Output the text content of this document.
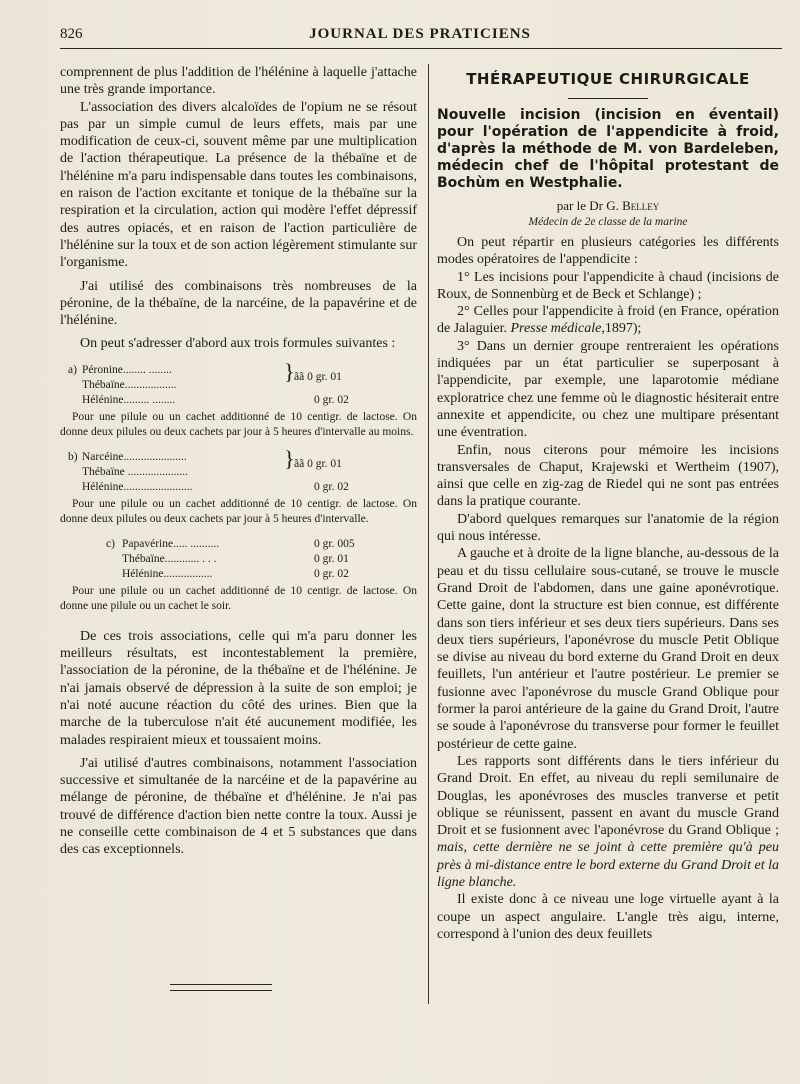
826	JOURNAL DES PRATICIENS

comprennent de plus l'addition de l'hélénine à laquelle j'attache une très grande importance.

L'association des divers alcaloïdes de l'opium ne se résout pas par un simple cumul de leurs effets, mais par une modification de ceux-ci, souvent même par une multiplication de l'action thérapeutique. La présence de la thébaïne et de l'hélénine m'a paru indispensable dans toutes les combinaisons, en raison de l'action excitante et tonique de la thébaïne sur la respiration et la circulation, action qui modère l'effet dépressif des autres opiacés, et en raison de l'action particulière de l'hélénine sur la toux et de son action légèrement stimulante sur l'organisme.

J'ai utilisé des combinaisons très nombreuses de la péronine, de la thébaïne, de la narcéine, de la papavérine et de l'hélénine.

On peut s'adresser d'abord aux trois formules suivantes :

a) Péronine........ ........	}
Thébaïne..................
ãã 0 gr. 01
Hélénine......... ........	0 gr. 02

Pour une pilule ou un cachet additionné de 10 centigr. de lactose. On donne deux pilules ou deux cachets par jour à 5 heures d'intervalle au moins.

b) Narcéine......................	}
Thébaïne .....................
ãã 0 gr. 01
Hélénine........................	0 gr. 02

Pour une pilule ou un cachet additionné de 10 centigr. de lactose. On donne deux pilules ou deux cachets par jour à 5 heures d'intervalle.

c) Papavérine..... ..........	0 gr. 005
Thébaïne............ . . .	0 gr. 01
Hélénine.................	0 gr. 02

Pour une pilule ou un cachet additionné de 10 centigr. de lactose. On donne une pilule ou un cachet le soir.

De ces trois associations, celle qui m'a paru donner les meilleurs résultats, est incontestablement la première, l'association de la péronine, de la thébaïne et de l'hélénine. Je n'ai jamais observé de dépression à la suite de son emploi; je n'ai noté aucune réaction du côté des urines. Bien que la marche de la tuberculose n'ait été aucunement modifiée, les malades respiraient mieux et toussaient moins.

J'ai utilisé d'autres combinaisons, notamment l'association successive et simultanée de la narcéine et de la papavérine au mélange de péronine, de thébaïne et d'hélénine. Je n'ai pas trouvé de différence d'action bien nette contre la toux. Aussi je ne conseille cette combinaison de 4 et 5 substances que dans des cas exceptionnels.

THÉRAPEUTIQUE CHIRURGICALE

Nouvelle incision (incision en éventail) pour l'opération de l'appendicite à froid, d'après la méthode de M. von Bardeleben, médecin chef de l'hôpital protestant de Bochùm en Westphalie.

par le Dr G. Belley
Médecin de 2e classe de la marine

On peut répartir en plusieurs catégories les différents modes opératoires de l'appendicite :

1° Les incisions pour l'appendicite à chaud (incisions de Roux, de Sonnenbùrg et de Beck et Schlange) ;

2° Celles pour l'appendicite à froid (en France, opération de Jalaguier. Presse médicale,1897);

3° Dans un dernier groupe rentreraient les opérations indiquées par un état particulier se superposant à l'appendicite, par exemple, une laparotomie médiane exploratrice chez une femme où le diagnostic hésiterait entre annexite et appendicite, ou chez une multipare présentant une éventration.

Enfin, nous citerons pour mémoire les incisions transversales de Chaput, Krajewski et Wertheim (1907), ainsi que celle en zig-zag de Riedel qui ne sont pas entrées dans la pratique courante.

D'abord quelques remarques sur l'anatomie de la région qui nous intéresse.

A gauche et à droite de la ligne blanche, au-dessous de la peau et du tissu cellulaire sous-cutané, se trouve le muscle Grand Droit de l'abdomen, dans une gaine aponévrotique. Cette gaine, dont la structure est bien connue, est différente dans son tiers inférieur et ses deux tiers supérieurs. Dans ses deux tiers supérieurs, l'aponévrose du muscle Petit Oblique se divise au niveau du bord externe du Grand Droit en deux feuillets, l'un antérieur et l'autre postérieur. Le premier se fusionne avec l'aponévrose du muscle Grand Oblique pour former la paroi antérieure de la gaine du Grand Droit, l'autre se soude à l'aponévrose du transverse pour former le feuillet postérieur de cette gaine.

Les rapports sont différents dans le tiers inférieur du Grand Droit. En effet, au niveau du repli semilunaire de Douglas, les aponévroses des muscles tranverse et petit oblique se réunissent, passent en avant du muscle Grand Droit et se fusionnent avec l'aponévrose du Grand Oblique ; mais, cette dernière ne se joint à cette première qu'à peu près à mi-distance entre le bord externe du Grand Droit et la ligne blanche.

Il existe donc à ce niveau une loge virtuelle ayant à la coupe un aspect angulaire. L'angle très aigu, interne, correspond à l'union des deux feuillets
